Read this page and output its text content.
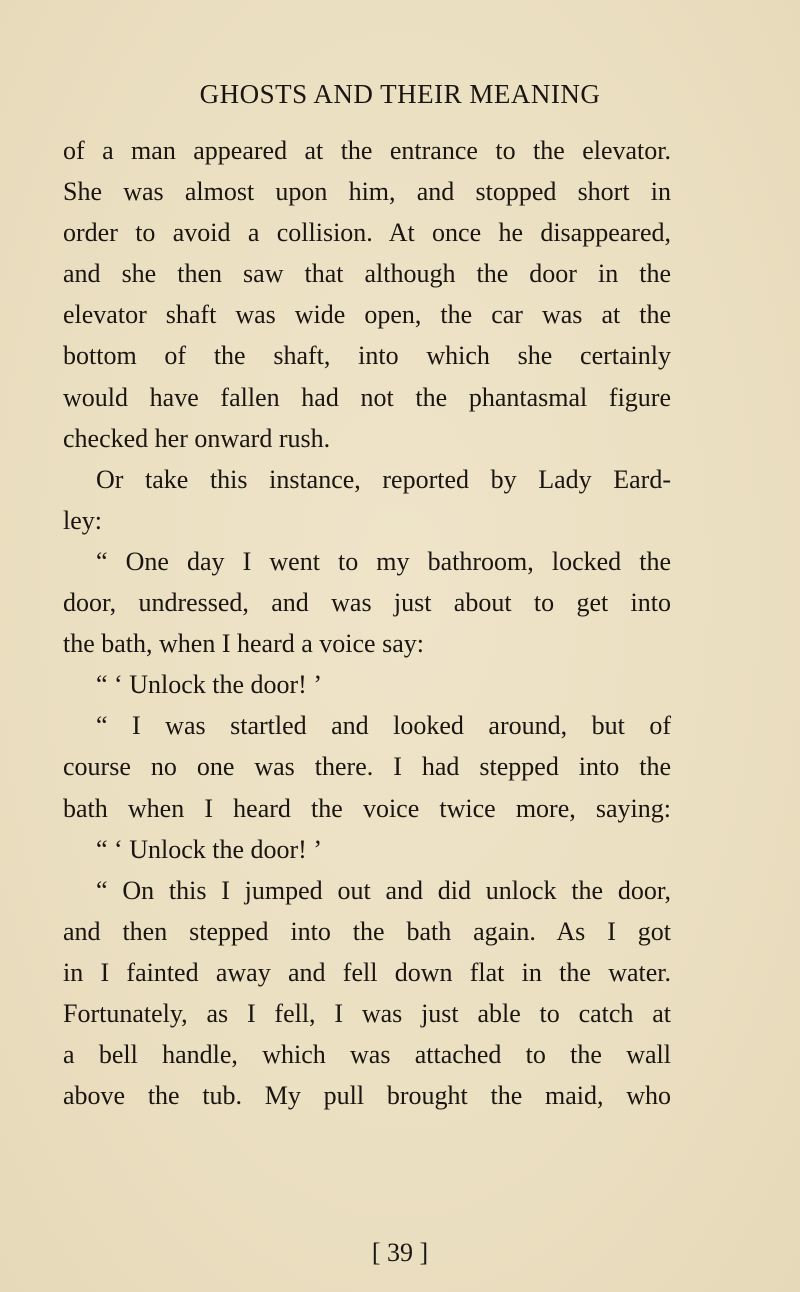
GHOSTS AND THEIR MEANING
of a man appeared at the entrance to the elevator.
She was almost upon him, and stopped short in
order to avoid a collision. At once he disappeared,
and she then saw that although the door in the
elevator shaft was wide open, the car was at the
bottom of the shaft, into which she certainly
would have fallen had not the phantasmal figure
checked her onward rush.
Or take this instance, reported by Lady Eard-
ley:
“ One day I went to my bathroom, locked the
door, undressed, and was just about to get into
the bath, when I heard a voice say:
“ ‘ Unlock the door! ’
“ I was startled and looked around, but of
course no one was there. I had stepped into the
bath when I heard the voice twice more, saying:
“ ‘ Unlock the door! ’
“ On this I jumped out and did unlock the door,
and then stepped into the bath again. As I got
in I fainted away and fell down flat in the water.
Fortunately, as I fell, I was just able to catch at
a bell handle, which was attached to the wall
above the tub. My pull brought the maid, who
[ 39 ]
